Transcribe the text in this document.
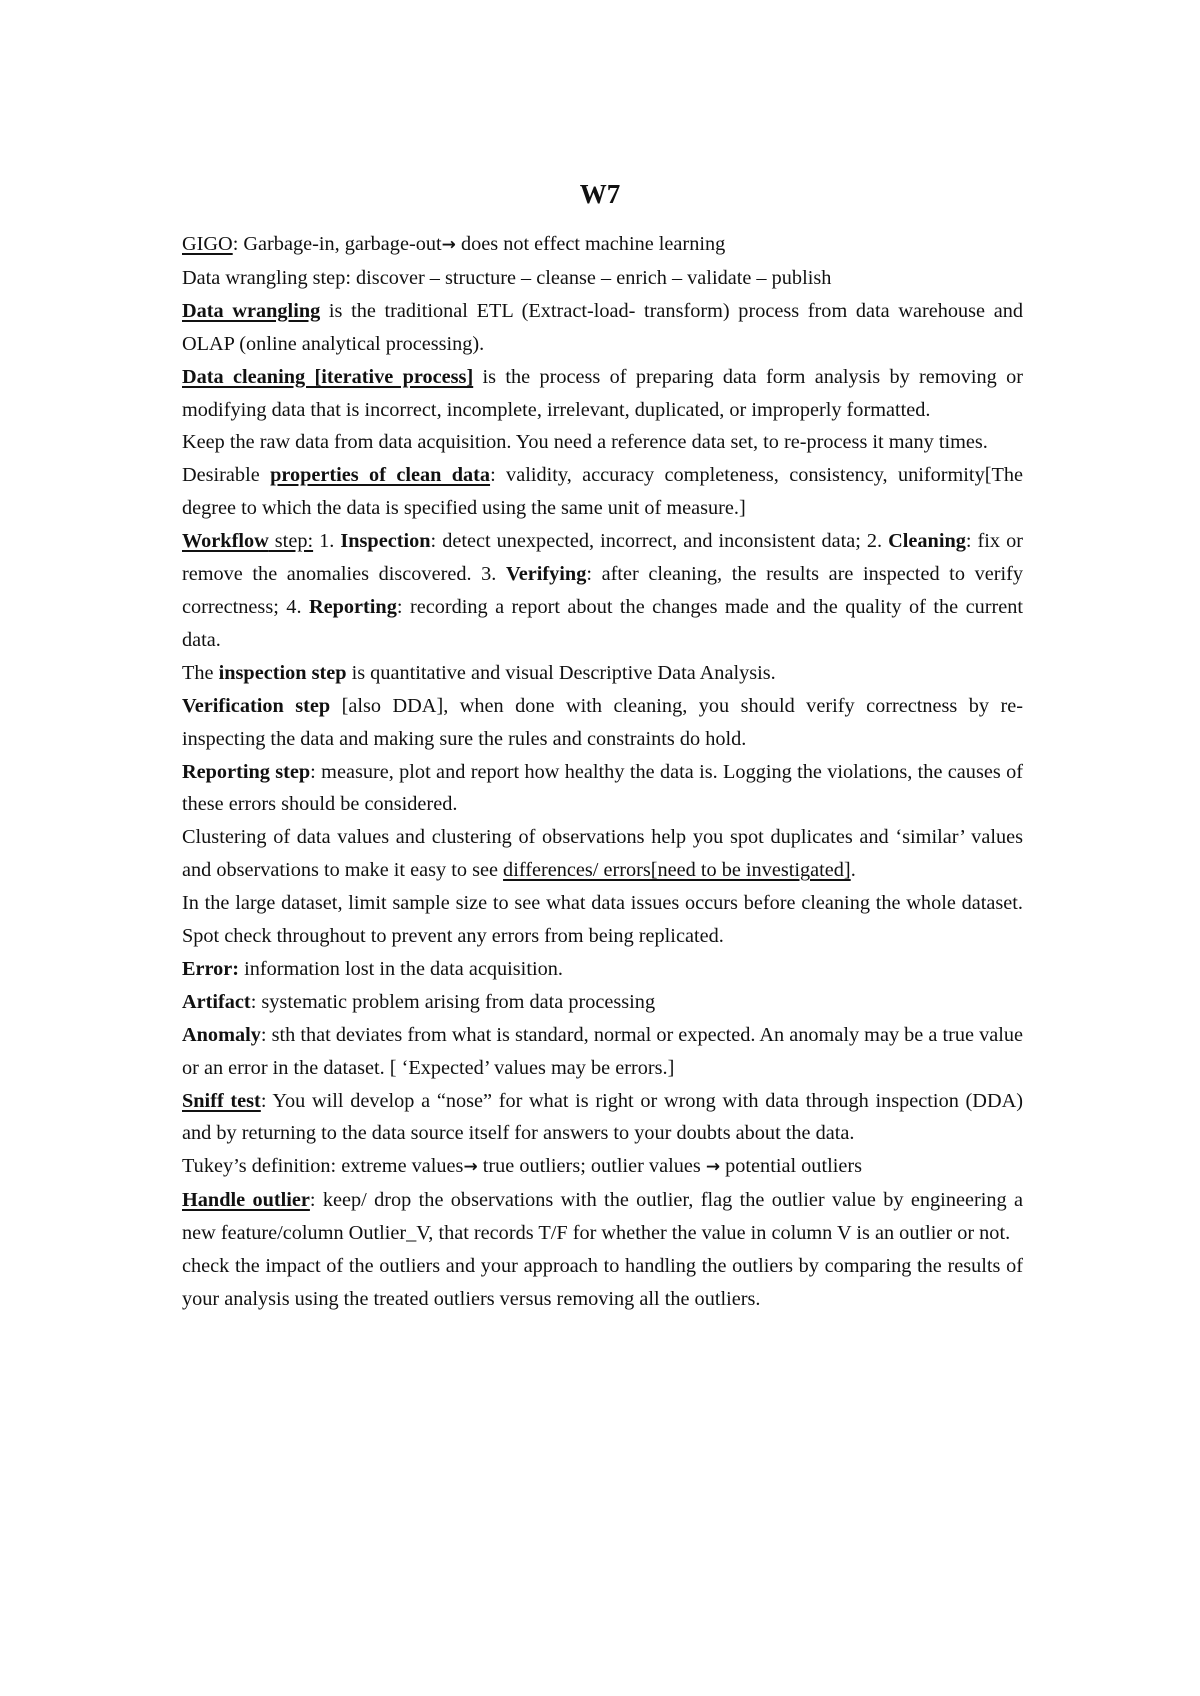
W7

GIGO: Garbage-in, garbage-out→ does not effect machine learning

Data wrangling step: discover – structure – cleanse – enrich – validate – publish

Data wrangling is the traditional ETL (Extract-load- transform) process from data warehouse and OLAP (online analytical processing).

Data cleaning [iterative process] is the process of preparing data form analysis by removing or modifying data that is incorrect, incomplete, irrelevant, duplicated, or improperly formatted.

Keep the raw data from data acquisition. You need a reference data set, to re-process it many times.

Desirable properties of clean data: validity, accuracy completeness, consistency, uniformity[The degree to which the data is specified using the same unit of measure.]

Workflow step: 1. Inspection: detect unexpected, incorrect, and inconsistent data; 2. Cleaning: fix or remove the anomalies discovered. 3. Verifying: after cleaning, the results are inspected to verify correctness; 4. Reporting: recording a report about the changes made and the quality of the current data.

The inspection step is quantitative and visual Descriptive Data Analysis.

Verification step [also DDA], when done with cleaning, you should verify correctness by re-inspecting the data and making sure the rules and constraints do hold.

Reporting step: measure, plot and report how healthy the data is. Logging the violations, the causes of these errors should be considered.

Clustering of data values and clustering of observations help you spot duplicates and ‘similar’ values and observations to make it easy to see differences/ errors[need to be investigated].

In the large dataset, limit sample size to see what data issues occurs before cleaning the whole dataset. Spot check throughout to prevent any errors from being replicated.

Error: information lost in the data acquisition.

Artifact: systematic problem arising from data processing

Anomaly: sth that deviates from what is standard, normal or expected. An anomaly may be a true value or an error in the dataset. [ ‘Expected’ values may be errors.]

Sniff test: You will develop a “nose” for what is right or wrong with data through inspection (DDA) and by returning to the data source itself for answers to your doubts about the data.

Tukey’s definition: extreme values→ true outliers; outlier values → potential outliers

Handle outlier: keep/ drop the observations with the outlier, flag the outlier value by engineering a new feature/column Outlier_V, that records T/F for whether the value in column V is an outlier or not.

check the impact of the outliers and your approach to handling the outliers by comparing the results of your analysis using the treated outliers versus removing all the outliers.
